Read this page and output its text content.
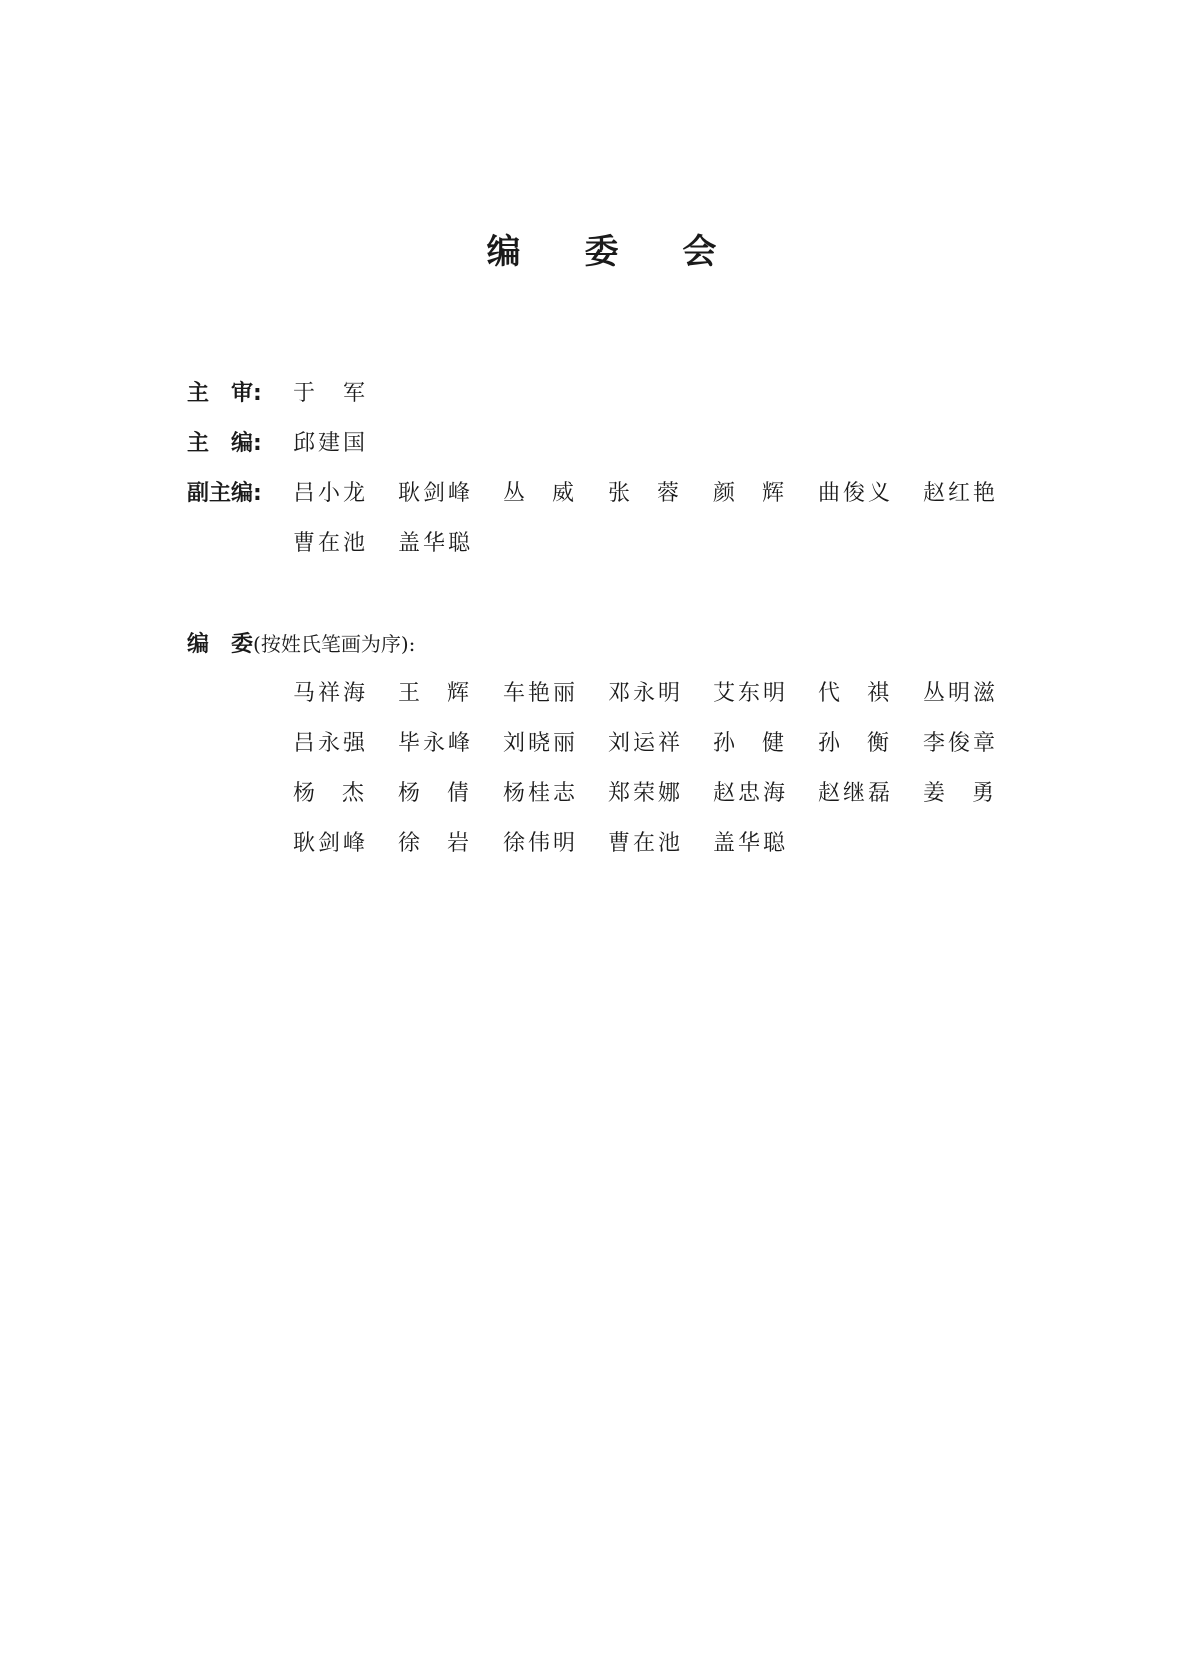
编 委 会
主　审: 于　军
主　编: 邱建国
副主编:	吕小龙 耿剑峰 丛威 张蓉 颜辉 曲俊义 赵红艳
曹在池 盖华聪
编　委(按姓氏笔画为序):
马祥海 王辉 车艳丽 邓永明 艾东明 代祺 丛明滋
吕永强 毕永峰 刘晓丽 刘运祥 孙健 孙衡 李俊章
杨杰 杨倩 杨桂志 郑荣娜 赵忠海 赵继磊 姜勇
耿剑峰 徐岩 徐伟明 曹在池 盖华聪
